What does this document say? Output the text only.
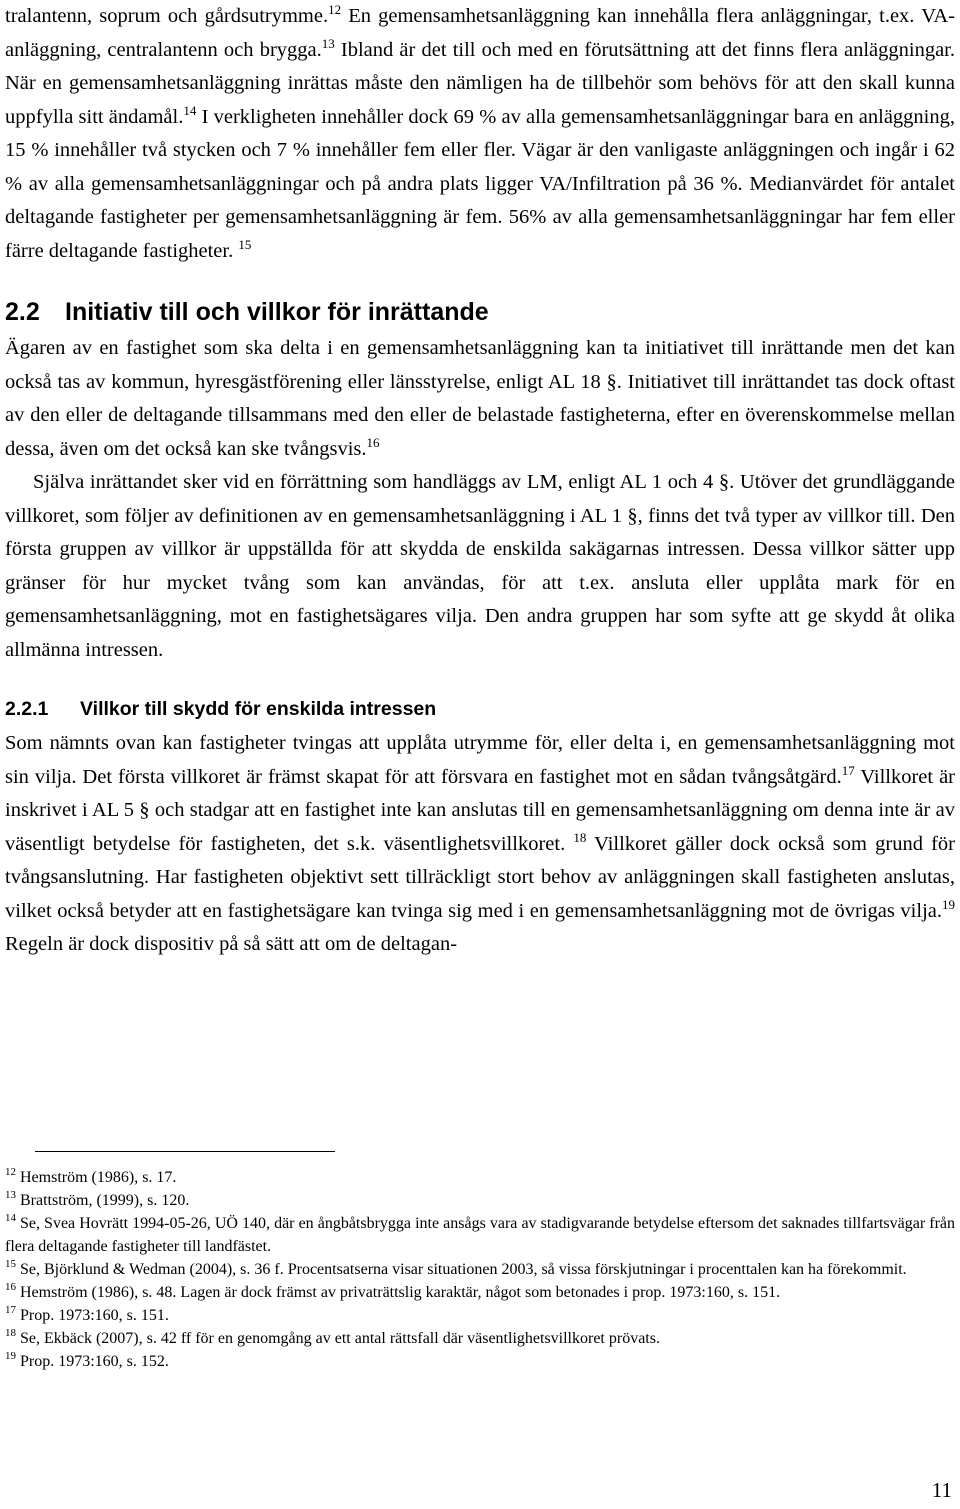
tralantenn, soprum och gårdsutrymme.$^{12}$ En gemensamhetsanläggning kan innehålla flera anläggningar, t.ex. VA-anläggning, centralantenn och brygga.$^{13}$ Ibland är det till och med en förutsättning att det finns flera anläggningar. När en gemensamhetsanläggning inrättas måste den nämligen ha de tillbehör som behövs för att den skall kunna uppfylla sitt ändamål.$^{14}$ I verkligheten innehåller dock 69 % av alla gemensamhetsanläggningar bara en anläggning, 15 % innehåller två stycken och 7 % innehåller fem eller fler. Vägar är den vanligaste anläggningen och ingår i 62 % av alla gemensamhetsanläggningar och på andra plats ligger VA/Infiltration på 36 %. Medianvärdet för antalet deltagande fastigheter per gemensamhetsanläggning är fem. 56% av alla gemensamhetsanläggningar har fem eller färre deltagande fastigheter. $^{15}$

2.2	Initiativ till och villkor för inrättande

Ägaren av en fastighet som ska delta i en gemensamhetsanläggning kan ta initiativet till inrättande men det kan också tas av kommun, hyresgästförening eller länsstyrelse, enligt AL 18 §. Initiativet till inrättandet tas dock oftast av den eller de deltagande tillsammans med den eller de belastade fastigheterna, efter en överenskommelse mellan dessa, även om det också kan ske tvångsvis.$^{16}$

Själva inrättandet sker vid en förrättning som handläggs av LM, enligt AL 1 och 4 §. Utöver det grundläggande villkoret, som följer av definitionen av en gemensamhetsanläggning i AL 1 §, finns det två typer av villkor till. Den första gruppen av villkor är uppställda för att skydda de enskilda sakägarnas intressen. Dessa villkor sätter upp gränser för hur mycket tvång som kan användas, för att t.ex. ansluta eller upplåta mark för en gemensamhetsanläggning, mot en fastighetsägares vilja. Den andra gruppen har som syfte att ge skydd åt olika allmänna intressen.

2.2.1	Villkor till skydd för enskilda intressen

Som nämnts ovan kan fastigheter tvingas att upplåta utrymme för, eller delta i, en gemensamhetsanläggning mot sin vilja. Det första villkoret är främst skapat för att försvara en fastighet mot en sådan tvångsåtgärd.$^{17}$ Villkoret är inskrivet i AL 5 § och stadgar att en fastighet inte kan anslutas till en gemensamhetsanläggning om denna inte är av väsentligt betydelse för fastigheten, det s.k. väsentlighetsvillkoret. $^{18}$ Villkoret gäller dock också som grund för tvångsanslutning. Har fastigheten objektivt sett tillräckligt stort behov av anläggningen skall fastigheten anslutas, vilket också betyder att en fastighetsägare kan tvinga sig med i en gemensamhetsanläggning mot de övrigas vilja.$^{19}$ Regeln är dock dispositiv på så sätt att om de deltagan-

$^{12}$ Hemström (1986), s. 17.

$^{13}$ Brattström, (1999), s. 120.

$^{14}$ Se, Svea Hovrätt 1994-05-26, UÖ 140, där en ångbåtsbrygga inte ansågs vara av stadigvarande betydelse eftersom det saknades tillfartsvägar från flera deltagande fastigheter till landfästet.

$^{15}$ Se, Björklund & Wedman (2004), s. 36 f. Procentsatserna visar situationen 2003, så vissa förskjutningar i procenttalen kan ha förekommit.

$^{16}$ Hemström (1986), s. 48. Lagen är dock främst av privaträttslig karaktär, något som betonades i prop. 1973:160, s. 151.

$^{17}$ Prop. 1973:160, s. 151.

$^{18}$ Se, Ekbäck (2007), s. 42 ff för en genomgång av ett antal rättsfall där väsentlighetsvillkoret prövats.

$^{19}$ Prop. 1973:160, s. 152.

11
